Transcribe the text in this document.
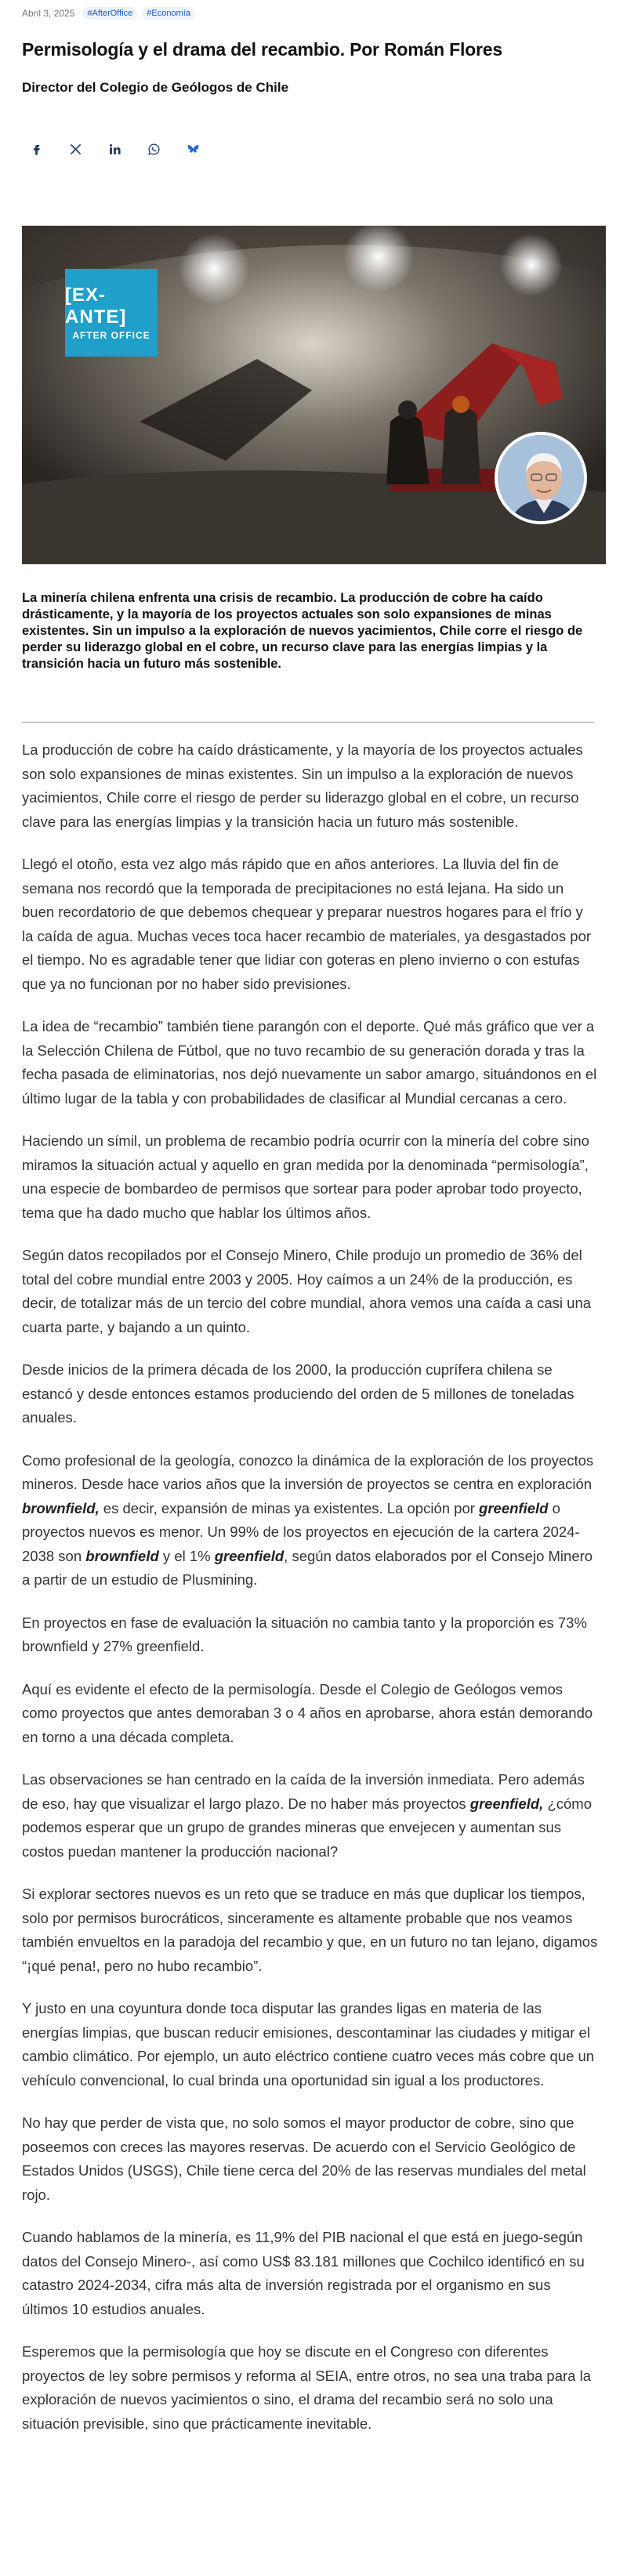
Abril 3, 2025	#AfterOffice	#Economía
Permisología y el drama del recambio. Por Román Flores
Director del Colegio de Geólogos de Chile
[EX-ANTE]
AFTER OFFICE
La minería chilena enfrenta una crisis de recambio. La producción de cobre ha caído drásticamente, y la mayoría de los proyectos actuales son solo expansiones de minas existentes. Sin un impulso a la exploración de nuevos yacimientos, Chile corre el riesgo de perder su liderazgo global en el cobre, un recurso clave para las energías limpias y la transición hacia un futuro más sostenible.

La producción de cobre ha caído drásticamente, y la mayoría de los proyectos actuales son solo expansiones de minas existentes. Sin un impulso a la exploración de nuevos yacimientos, Chile corre el riesgo de perder su liderazgo global en el cobre, un recurso clave para las energías limpias y la transición hacia un futuro más sostenible.

Llegó el otoño, esta vez algo más rápido que en años anteriores. La lluvia del fin de semana nos recordó que la temporada de precipitaciones no está lejana. Ha sido un buen recordatorio de que debemos chequear y preparar nuestros hogares para el frío y la caída de agua. Muchas veces toca hacer recambio de materiales, ya desgastados por el tiempo. No es agradable tener que lidiar con goteras en pleno invierno o con estufas que ya no funcionan por no haber sido previsiones.

La idea de “recambio” también tiene parangón con el deporte. Qué más gráfico que ver a la Selección Chilena de Fútbol, que no tuvo recambio de su generación dorada y tras la fecha pasada de eliminatorias, nos dejó nuevamente un sabor amargo, situándonos en el último lugar de la tabla y con probabilidades de clasificar al Mundial cercanas a cero.

Haciendo un símil, un problema de recambio podría ocurrir con la minería del cobre sino miramos la situación actual y aquello en gran medida por la denominada “permisología”, una especie de bombardeo de permisos que sortear para poder aprobar todo proyecto, tema que ha dado mucho que hablar los últimos años.

Según datos recopilados por el Consejo Minero, Chile produjo un promedio de 36% del total del cobre mundial entre 2003 y 2005. Hoy caímos a un 24% de la producción, es decir, de totalizar más de un tercio del cobre mundial, ahora vemos una caída a casi una cuarta parte, y bajando a un quinto.

Desde inicios de la primera década de los 2000, la producción cuprífera chilena se estancó y desde entonces estamos produciendo del orden de 5 millones de toneladas anuales.

Como profesional de la geología, conozco la dinámica de la exploración de los proyectos mineros. Desde hace varios años que la inversión de proyectos se centra en exploración brownfield, es decir, expansión de minas ya existentes. La opción por greenfield o proyectos nuevos es menor. Un 99% de los proyectos en ejecución de la cartera 2024-2038 son brownfield y el 1% greenfield, según datos elaborados por el Consejo Minero a partir de un estudio de Plusmining.

En proyectos en fase de evaluación la situación no cambia tanto y la proporción es 73% brownfield y 27% greenfield.

Aquí es evidente el efecto de la permisología. Desde el Colegio de Geólogos vemos como proyectos que antes demoraban 3 o 4 años en aprobarse, ahora están demorando en torno a una década completa.

Las observaciones se han centrado en la caída de la inversión inmediata. Pero además de eso, hay que visualizar el largo plazo. De no haber más proyectos greenfield, ¿cómo podemos esperar que un grupo de grandes mineras que envejecen y aumentan sus costos puedan mantener la producción nacional?

Si explorar sectores nuevos es un reto que se traduce en más que duplicar los tiempos, solo por permisos burocráticos, sinceramente es altamente probable que nos veamos también envueltos en la paradoja del recambio y que, en un futuro no tan lejano, digamos “¡qué pena!, pero no hubo recambio”.

Y justo en una coyuntura donde toca disputar las grandes ligas en materia de las energías limpias, que buscan reducir emisiones, descontaminar las ciudades y mitigar el cambio climático. Por ejemplo, un auto eléctrico contiene cuatro veces más cobre que un vehículo convencional, lo cual brinda una oportunidad sin igual a los productores.

No hay que perder de vista que, no solo somos el mayor productor de cobre, sino que poseemos con creces las mayores reservas. De acuerdo con el Servicio Geológico de Estados Unidos (USGS), Chile tiene cerca del 20% de las reservas mundiales del metal rojo.

Cuando hablamos de la minería, es 11,9% del PIB nacional el que está en juego-según datos del Consejo Minero-, así como US$ 83.181 millones que Cochilco identificó en su catastro 2024-2034, cifra más alta de inversión registrada por el organismo en sus últimos 10 estudios anuales.

Esperemos que la permisología que hoy se discute en el Congreso con diferentes proyectos de ley sobre permisos y reforma al SEIA, entre otros, no sea una traba para la exploración de nuevos yacimientos o sino, el drama del recambio será no solo una situación previsible, sino que prácticamente inevitable.
